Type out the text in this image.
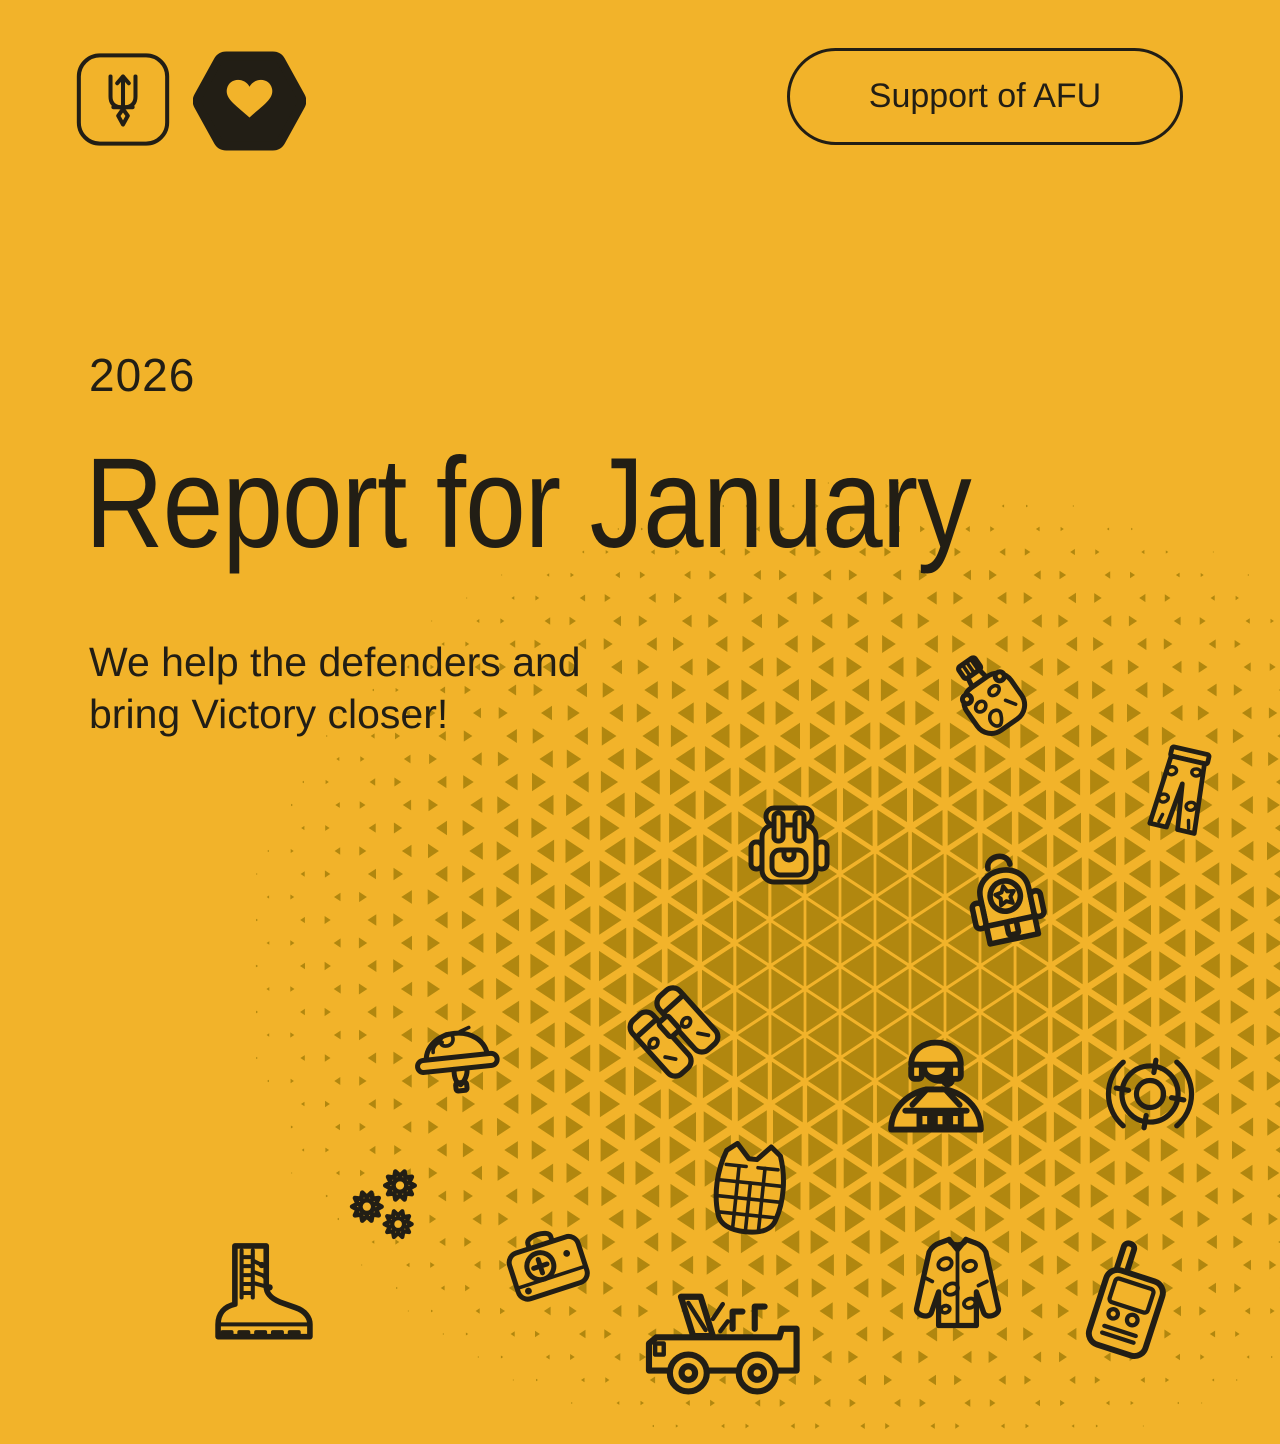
Support of AFU
2026
Report for January
We help the defenders and
bring Victory closer!
